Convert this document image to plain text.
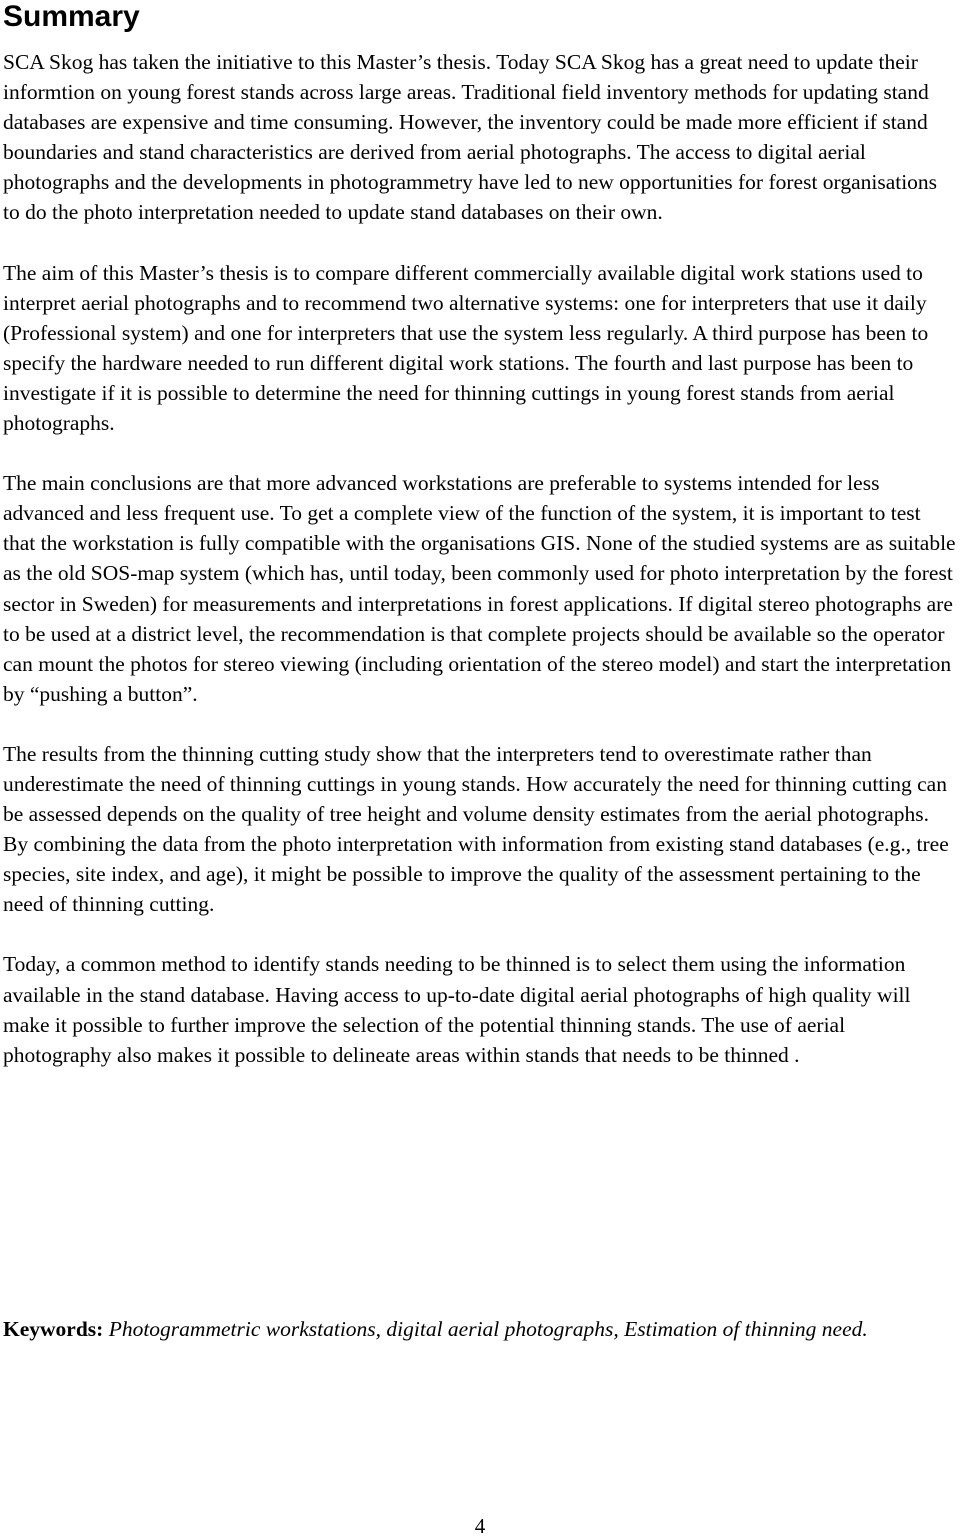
Summary

SCA Skog has taken the initiative to this Master’s thesis. Today SCA Skog has a great need to update their informtion on young forest stands across large areas. Traditional field inventory methods for updating stand databases are expensive and time consuming. However, the inventory could be made more efficient if stand boundaries and stand characteristics are derived from aerial photographs. The access to digital aerial photographs and the developments in photogrammetry have led to new opportunities for forest organisations to do the photo interpretation needed to update stand databases on their own.

The aim of this Master’s thesis is to compare different commercially available digital work stations used to interpret aerial photographs and to recommend two alternative systems: one for interpreters that use it daily (Professional system) and one for interpreters that use the system less regularly. A third purpose has been to specify the hardware needed to run different digital work stations. The fourth and last purpose has been to investigate if it is possible to determine the need for thinning cuttings in young forest stands from aerial photographs.

The main conclusions are that more advanced workstations are preferable to systems intended for less advanced and less frequent use. To get a complete view of the function of the system, it is important to test that the workstation is fully compatible with the organisations GIS. None of the studied systems are as suitable as the old SOS-map system (which has, until today, been commonly used for photo interpretation by the forest sector in Sweden) for measurements and interpretations in forest applications. If digital stereo photographs are to be used at a district level, the recommendation is that complete projects should be available so the operator can mount the photos for stereo viewing (including orientation of the stereo model) and start the interpretation by “pushing a button”.

The results from the thinning cutting study show that the interpreters tend to overestimate rather than underestimate the need of thinning cuttings in young stands. How accurately the need for thinning cutting can be assessed depends on the quality of tree height and volume density estimates from the aerial photographs. By combining the data from the photo interpretation with information from existing stand databases (e.g., tree species, site index, and age), it might be possible to improve the quality of the assessment pertaining to the need of thinning cutting.

Today, a common method to identify stands needing to be thinned is to select them using the information available in the stand database. Having access to up-to-date digital aerial photographs of high quality will make it possible to further improve the selection of the potential thinning stands. The use of aerial photography also makes it possible to delineate areas within stands that needs to be thinned .

Keywords: Photogrammetric workstations, digital aerial photographs, Estimation of thinning need.
4
